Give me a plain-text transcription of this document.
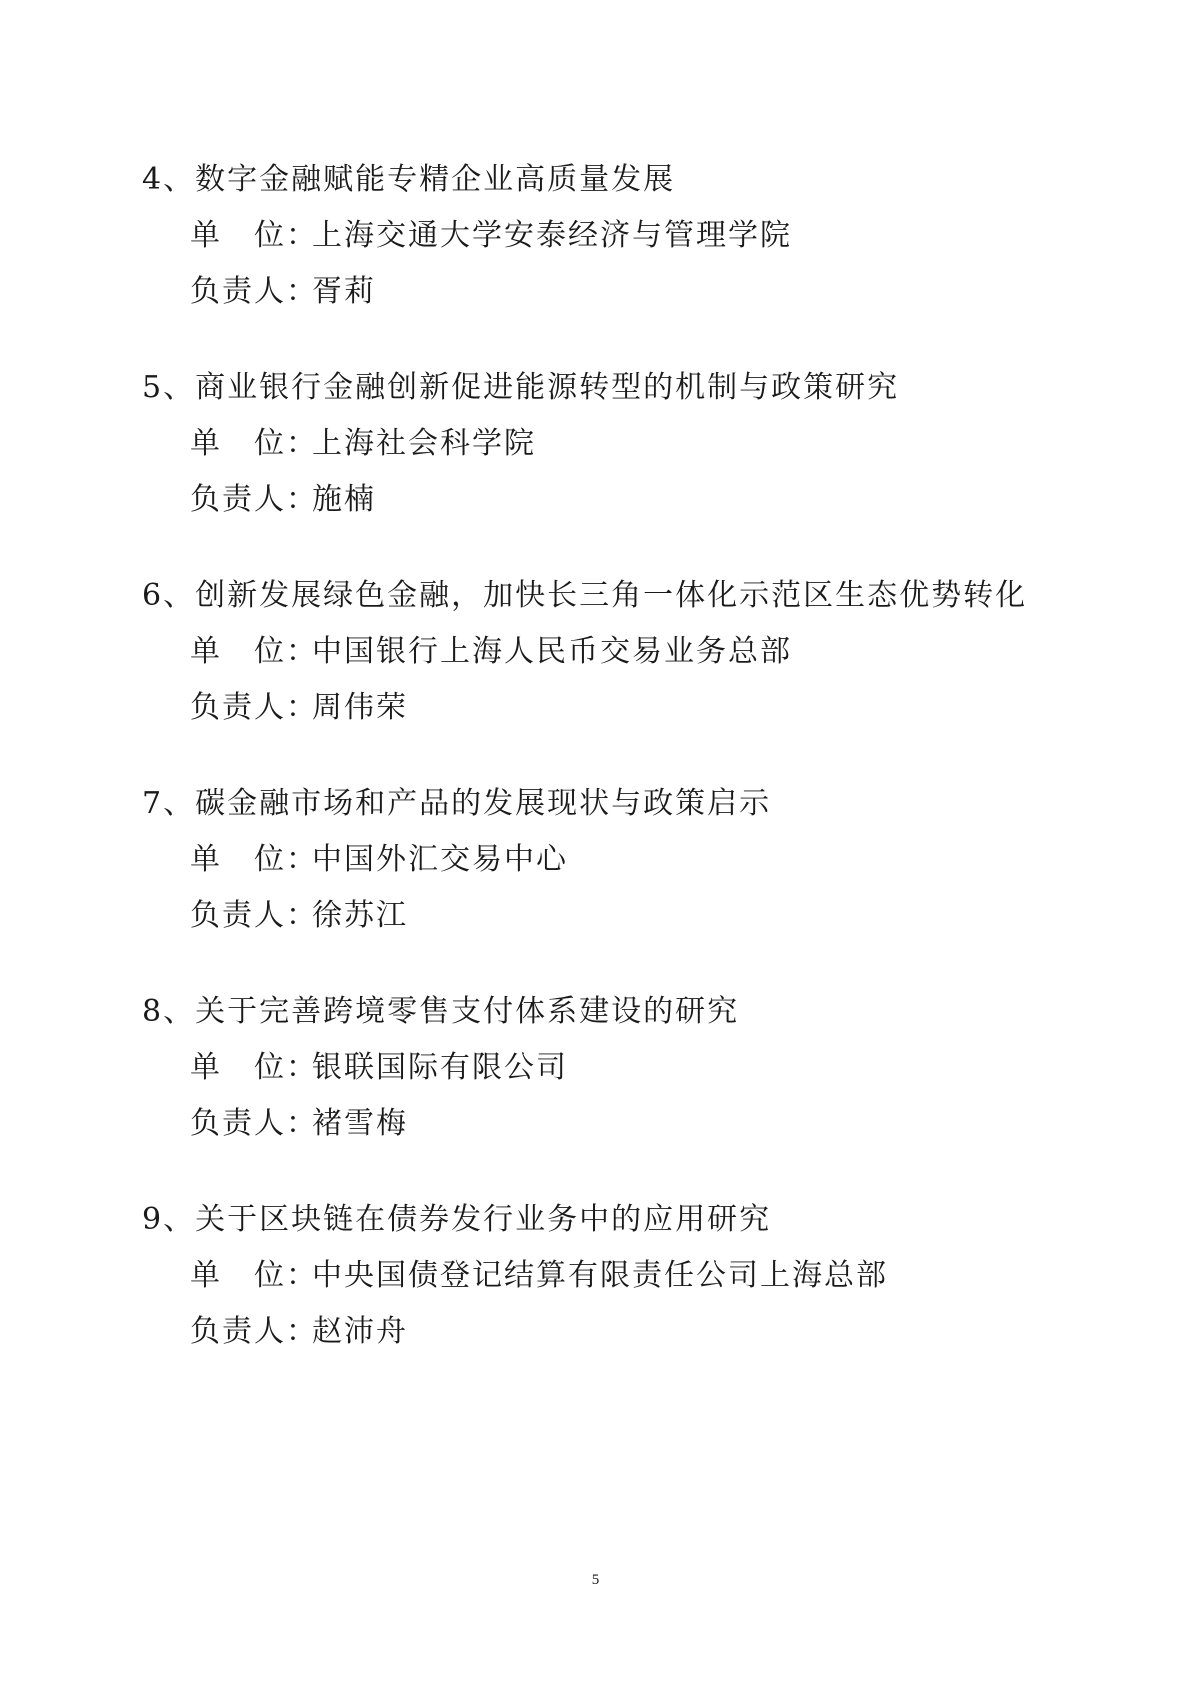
4、数字金融赋能专精企业高质量发展
单　位：上海交通大学安泰经济与管理学院
负责人：胥莉
5、商业银行金融创新促进能源转型的机制与政策研究
单　位：上海社会科学院
负责人：施楠
6、创新发展绿色金融，加快长三角一体化示范区生态优势转化
单　位：中国银行上海人民币交易业务总部
负责人：周伟荣
7、碳金融市场和产品的发展现状与政策启示
单　位：中国外汇交易中心
负责人：徐苏江
8、关于完善跨境零售支付体系建设的研究
单　位：银联国际有限公司
负责人：褚雪梅
9、关于区块链在债券发行业务中的应用研究
单　位：中央国债登记结算有限责任公司上海总部
负责人：赵沛舟
5
